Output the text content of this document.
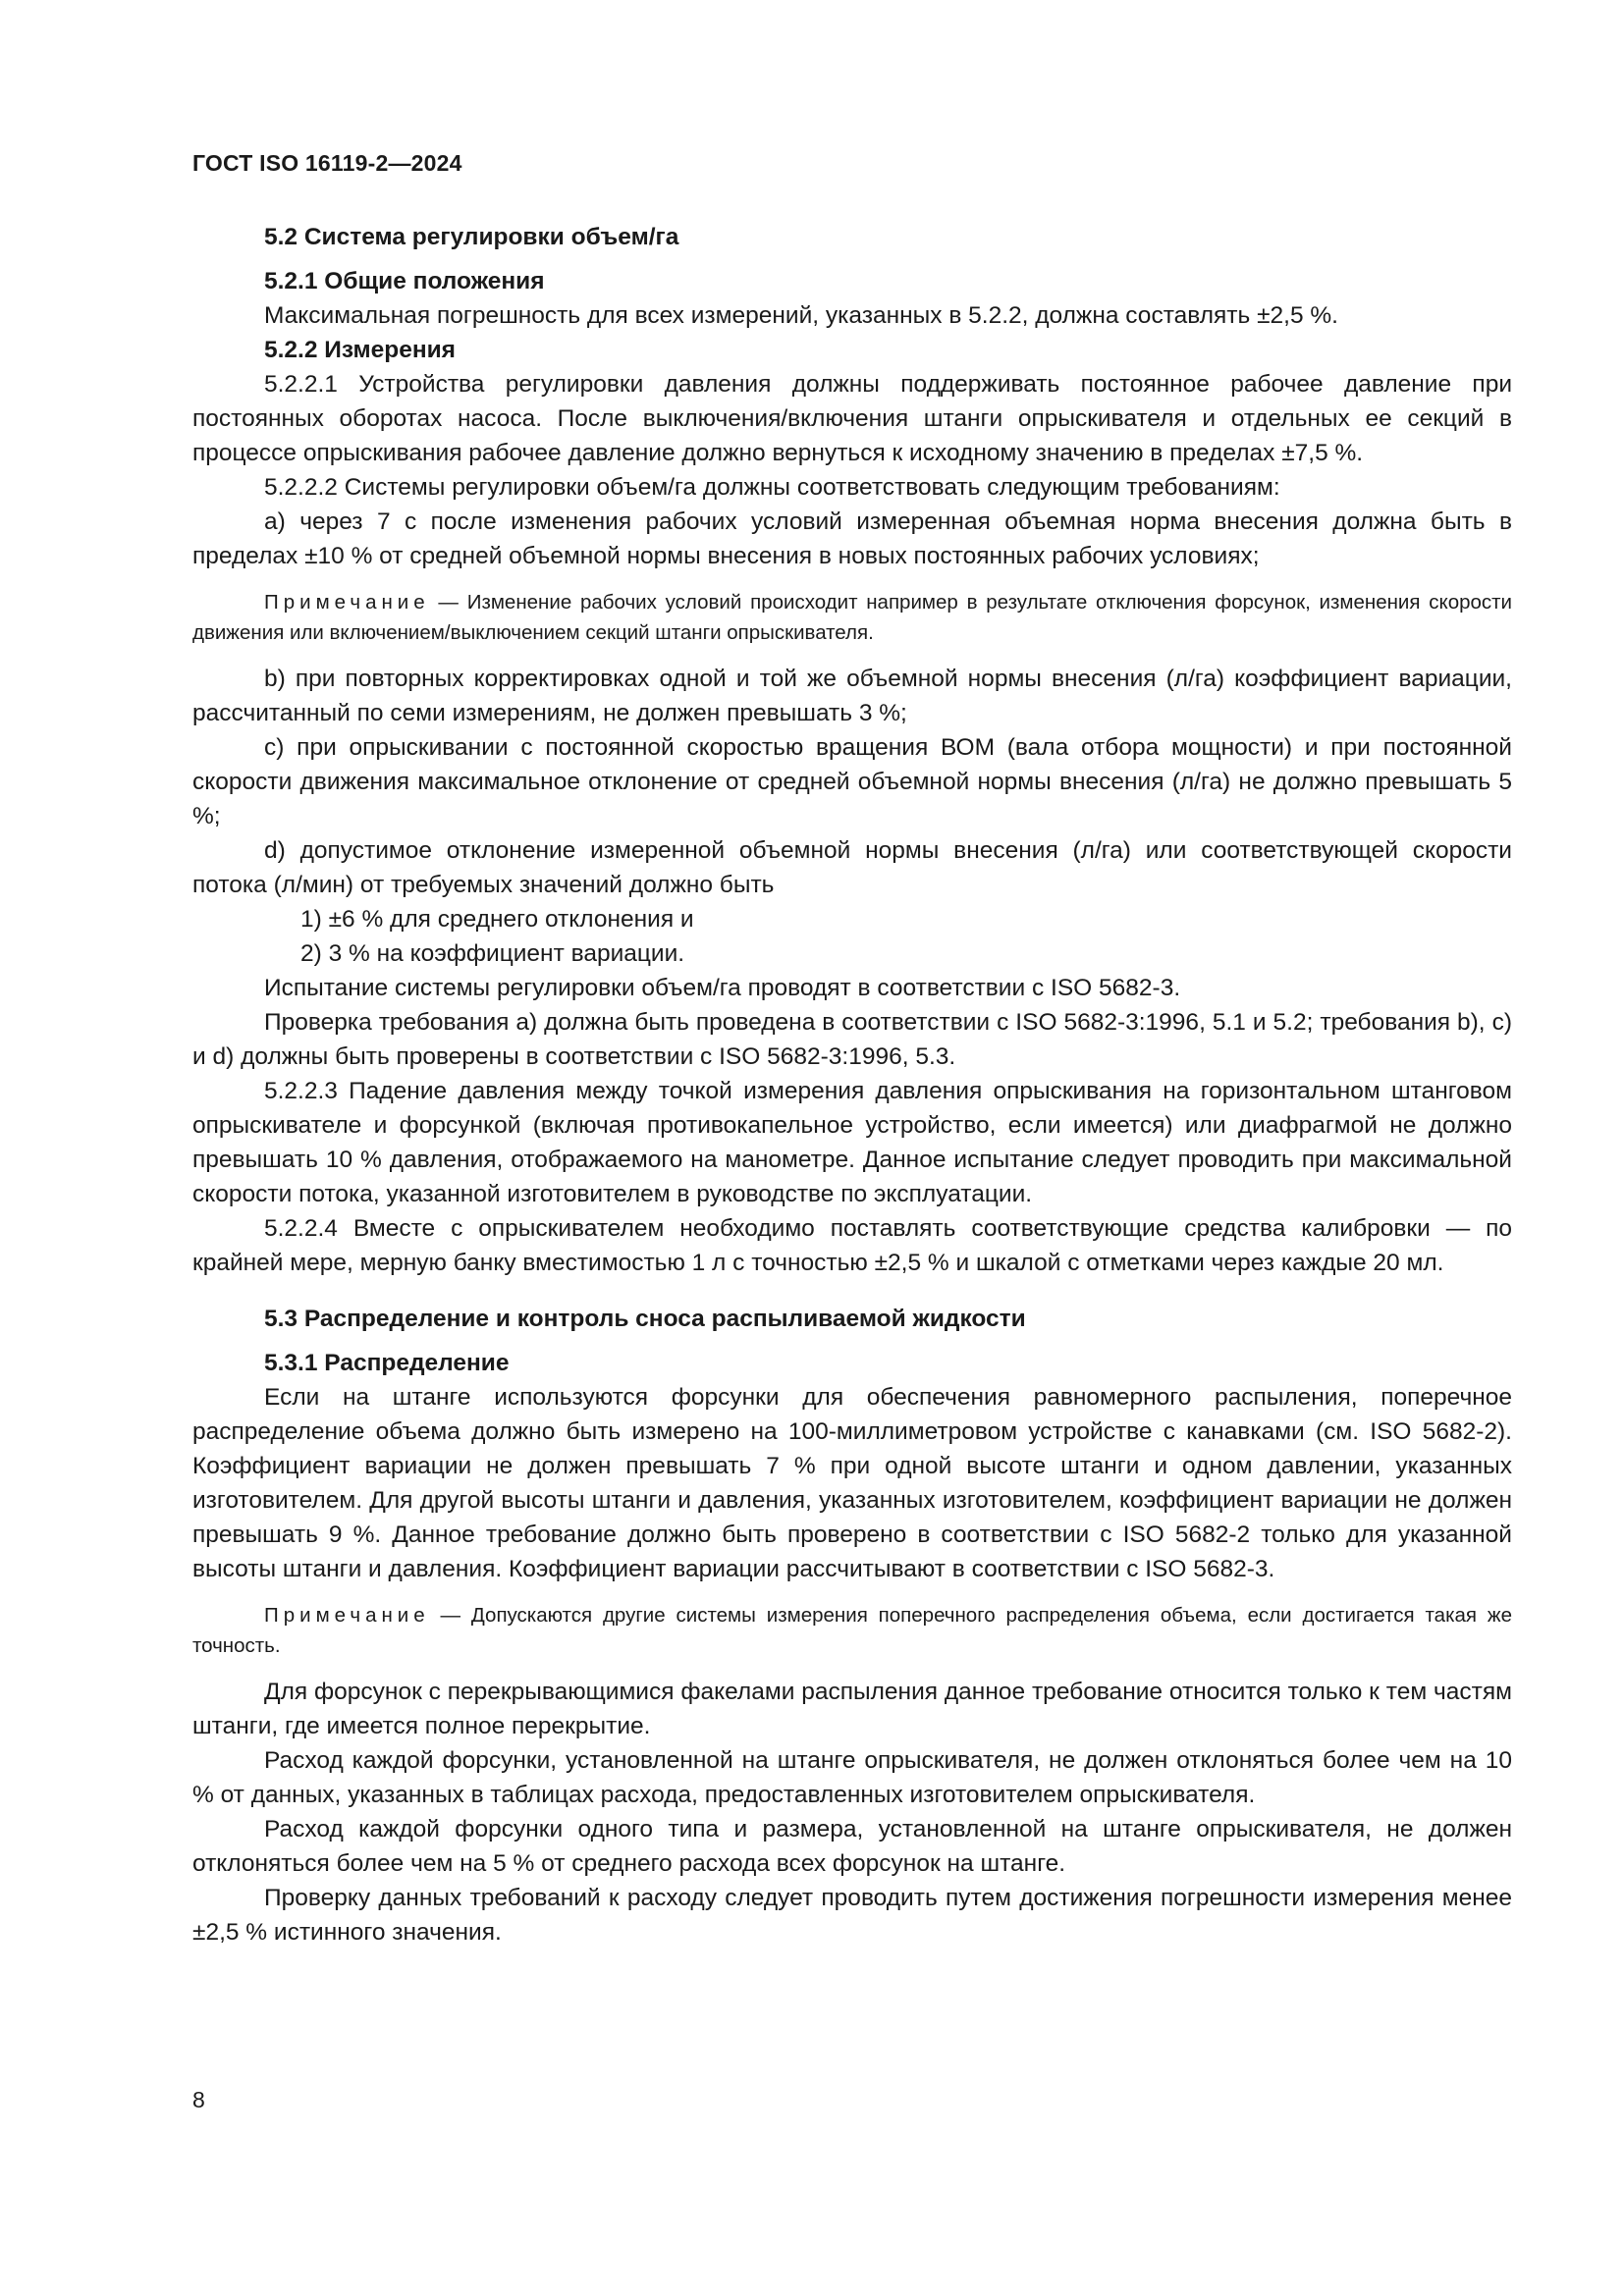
ГОСТ ISO 16119-2—2024
5.2 Система регулировки объем/га
5.2.1 Общие положения

Максимальная погрешность для всех измерений, указанных в 5.2.2, должна составлять ±2,5 %.

5.2.2 Измерения

5.2.2.1 Устройства регулировки давления должны поддерживать постоянное рабочее давление при постоянных оборотах насоса. После выключения/включения штанги опрыскивателя и отдельных ее секций в процессе опрыскивания рабочее давление должно вернуться к исходному значению в пределах ±7,5 %.

5.2.2.2 Системы регулировки объем/га должны соответствовать следующим требованиям:

a) через 7 с после изменения рабочих условий измеренная объемная норма внесения должна быть в пределах ±10 % от средней объемной нормы внесения в новых постоянных рабочих условиях;

Примечание — Изменение рабочих условий происходит например в результате отключения форсунок, изменения скорости движения или включением/выключением секций штанги опрыскивателя.

b) при повторных корректировках одной и той же объемной нормы внесения (л/га) коэффициент вариации, рассчитанный по семи измерениям, не должен превышать 3 %;

c) при опрыскивании с постоянной скоростью вращения ВОМ (вала отбора мощности) и при постоянной скорости движения максимальное отклонение от средней объемной нормы внесения (л/га) не должно превышать 5 %;

d) допустимое отклонение измеренной объемной нормы внесения (л/га) или соответствующей скорости потока (л/мин) от требуемых значений должно быть

1) ±6 % для среднего отклонения и
2) 3 % на коэффициент вариации.

Испытание системы регулировки объем/га проводят в соответствии с ISO 5682-3.

Проверка требования a) должна быть проведена в соответствии с ISO 5682-3:1996, 5.1 и 5.2; требования b), c) и d) должны быть проверены в соответствии с ISO 5682-3:1996, 5.3.

5.2.2.3 Падение давления между точкой измерения давления опрыскивания на горизонтальном штанговом опрыскивателе и форсункой (включая противокапельное устройство, если имеется) или диафрагмой не должно превышать 10 % давления, отображаемого на манометре. Данное испытание следует проводить при максимальной скорости потока, указанной изготовителем в руководстве по эксплуатации.

5.2.2.4 Вместе с опрыскивателем необходимо поставлять соответствующие средства калибровки — по крайней мере, мерную банку вместимостью 1 л с точностью ±2,5 % и шкалой с отметками через каждые 20 мл.

5.3 Распределение и контроль сноса распыливаемой жидкости
5.3.1 Распределение

Если на штанге используются форсунки для обеспечения равномерного распыления, поперечное распределение объема должно быть измерено на 100-миллиметровом устройстве с канавками (см. ISO 5682-2). Коэффициент вариации не должен превышать 7 % при одной высоте штанги и одном давлении, указанных изготовителем. Для другой высоты штанги и давления, указанных изготовителем, коэффициент вариации не должен превышать 9 %. Данное требование должно быть проверено в соответствии с ISO 5682-2 только для указанной высоты штанги и давления. Коэффициент вариации рассчитывают в соответствии с ISO 5682-3.

Примечание — Допускаются другие системы измерения поперечного распределения объема, если достигается такая же точность.

Для форсунок с перекрывающимися факелами распыления данное требование относится только к тем частям штанги, где имеется полное перекрытие.

Расход каждой форсунки, установленной на штанге опрыскивателя, не должен отклоняться более чем на 10 % от данных, указанных в таблицах расхода, предоставленных изготовителем опрыскивателя.

Расход каждой форсунки одного типа и размера, установленной на штанге опрыскивателя, не должен отклоняться более чем на 5 % от среднего расхода всех форсунок на штанге.

Проверку данных требований к расходу следует проводить путем достижения погрешности измерения менее ±2,5 % истинного значения.

8
